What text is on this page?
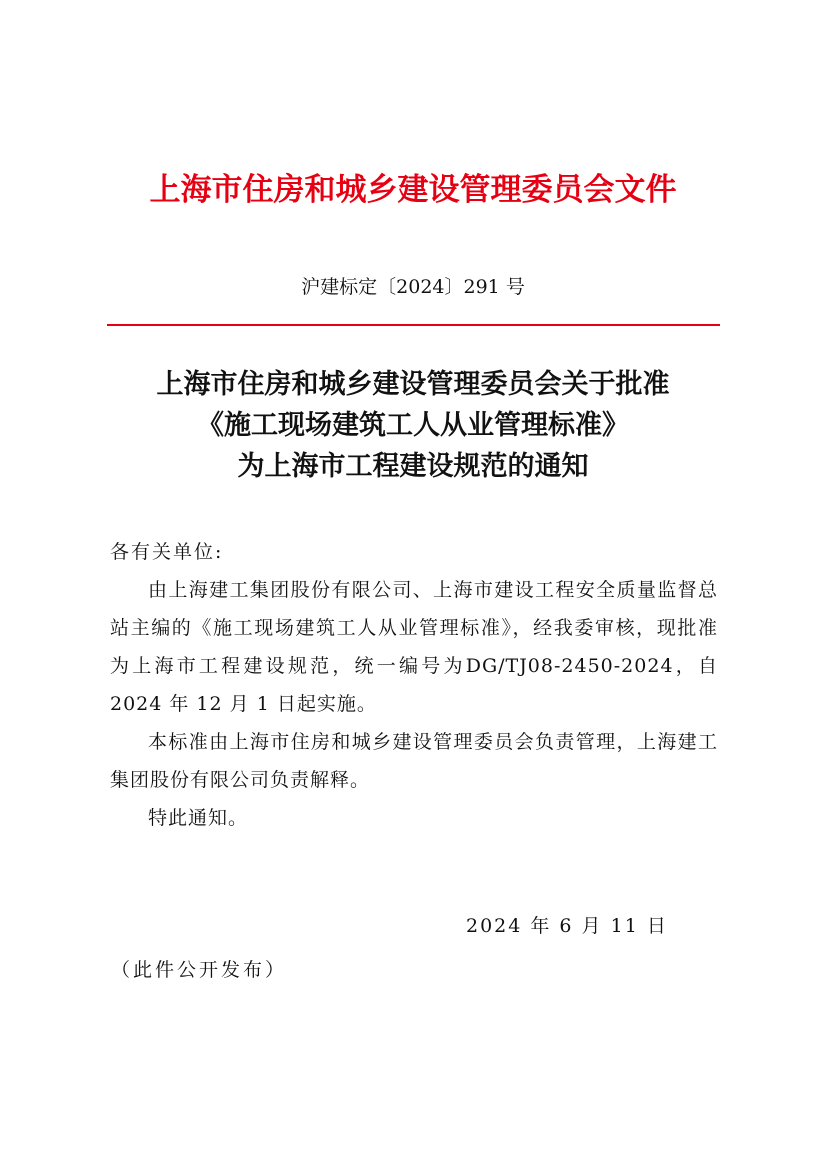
上海市住房和城乡建设管理委员会文件
沪建标定〔2024〕291 号
上海市住房和城乡建设管理委员会关于批准
《施工现场建筑工人从业管理标准》
为上海市工程建设规范的通知
各有关单位:
由上海建工集团股份有限公司、上海市建设工程安全质量监督总站主编的《施工现场建筑工人从业管理标准》，经我委审核，现批准为上海市工程建设规范，统一编号为DG/TJ08-2450-2024，自 2024 年 12 月 1 日起实施。
本标准由上海市住房和城乡建设管理委员会负责管理，上海建工集团股份有限公司负责解释。
特此通知。
2024 年 6 月 11 日
（此件公开发布）
